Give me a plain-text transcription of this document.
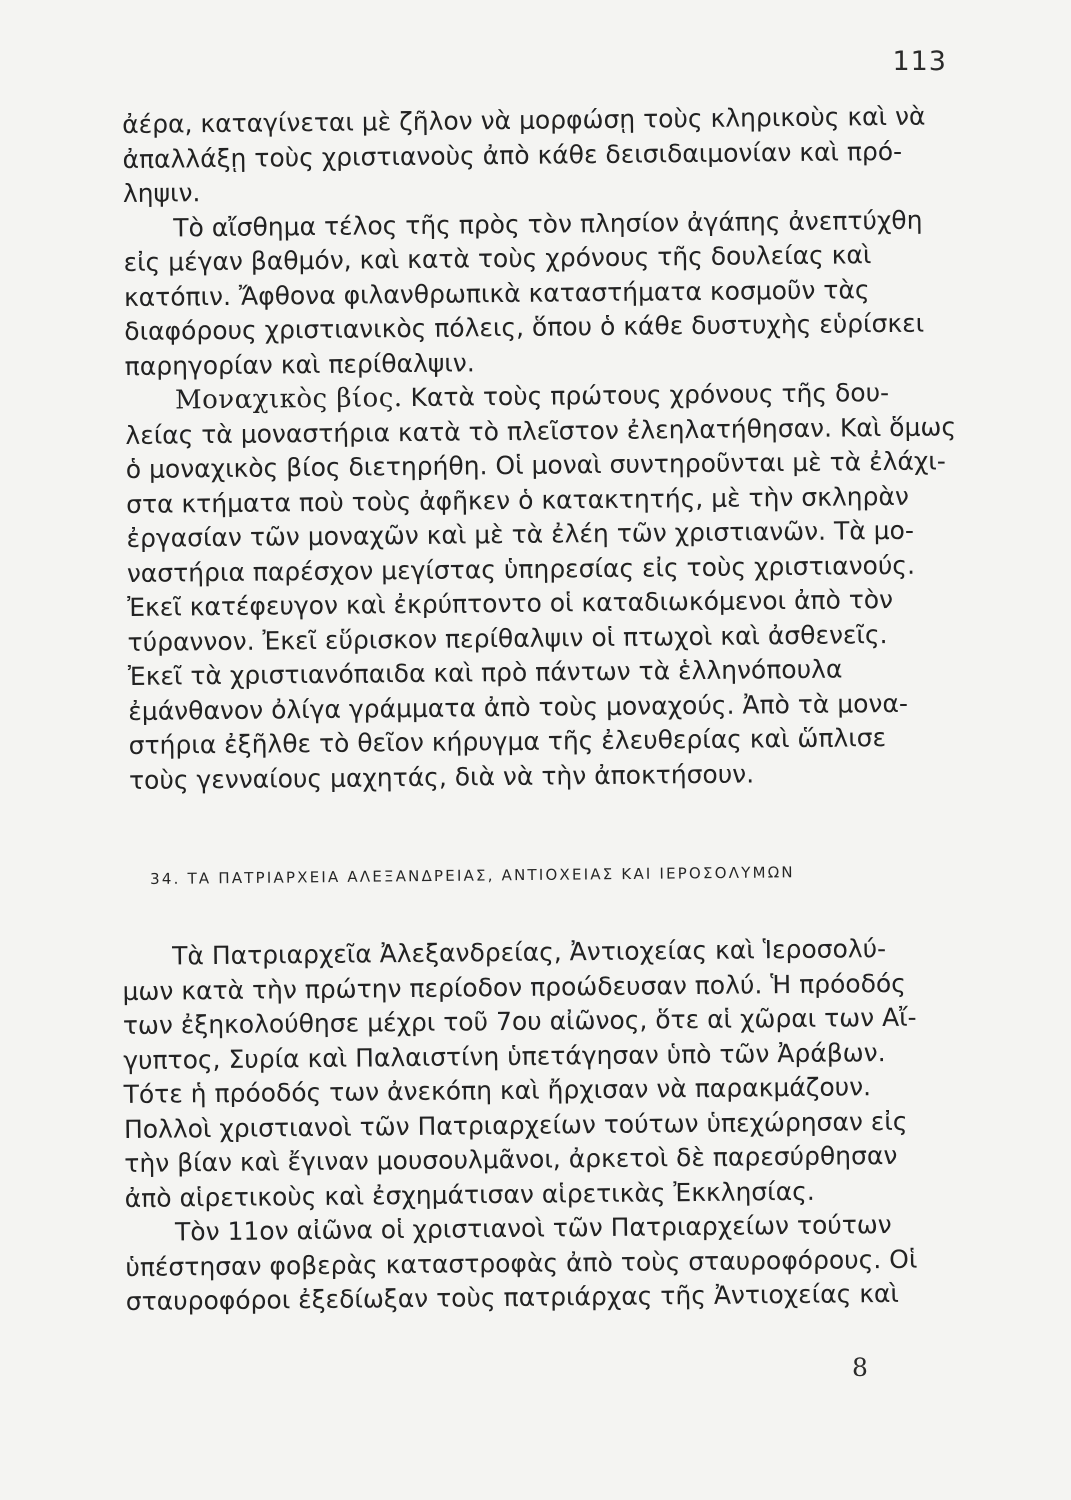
113
ἀέρα, καταγίνεται μὲ ζῆλον νὰ μορφώσῃ τοὺς κληρικοὺς καὶ νὰ
ἀπαλλάξῃ τοὺς χριστιανοὺς ἀπὸ κάθε δεισιδαιμονίαν καὶ πρό-
ληψιν.
Τὸ αἴσθημα τέλος τῆς πρὸς τὸν πλησίον ἀγάπης ἀνεπτύχθη
εἰς μέγαν βαθμόν, καὶ κατὰ τοὺς χρόνους τῆς δουλείας καὶ
κατόπιν. Ἄφθονα φιλανθρωπικὰ καταστήματα κοσμοῦν τὰς
διαφόρους χριστιανικὸς πόλεις, ὅπου ὁ κάθε δυστυχὴς εὑρίσκει
παρηγορίαν καὶ περίθαλψιν.
Μοναχικὸς βίος. Κατὰ τοὺς πρώτους χρόνους τῆς δου-
λείας τὰ μοναστήρια κατὰ τὸ πλεῖστον ἐλεηλατήθησαν. Καὶ ὅμως
ὁ μοναχικὸς βίος διετηρήθη. Οἱ μοναὶ συντηροῦνται μὲ τὰ ἐλάχι-
στα κτήματα ποὺ τοὺς ἀφῆκεν ὁ κατακτητής, μὲ τὴν σκληρὰν
ἐργασίαν τῶν μοναχῶν καὶ μὲ τὰ ἐλέη τῶν χριστιανῶν. Τὰ μο-
ναστήρια παρέσχον μεγίστας ὑπηρεσίας εἰς τοὺς χριστιανούς.
Ἐκεῖ κατέφευγον καὶ ἐκρύπτοντο οἱ καταδιωκόμενοι ἀπὸ τὸν
τύραννον. Ἐκεῖ εὕρισκον περίθαλψιν οἱ πτωχοὶ καὶ ἀσθενεῖς.
Ἐκεῖ τὰ χριστιανόπαιδα καὶ πρὸ πάντων τὰ ἑλληνόπουλα
ἐμάνθανον ὀλίγα γράμματα ἀπὸ τοὺς μοναχούς. Ἀπὸ τὰ μονα-
στήρια ἐξῆλθε τὸ θεῖον κήρυγμα τῆς ἐλευθερίας καὶ ὥπλισε
τοὺς γενναίους μαχητάς, διὰ νὰ τὴν ἀποκτήσουν.
34. ΤΑ ΠΑΤΡΙΑΡΧΕΙΑ ΑΛΕΞΑΝΔΡΕΙΑΣ, ΑΝΤΙΟΧΕΙΑΣ ΚΑΙ ΙΕΡΟΣΟΛΥΜΩΝ
Τὰ Πατριαρχεῖα Ἀλεξανδρείας, Ἀντιοχείας καὶ Ἱεροσολύ-
μων κατὰ τὴν πρώτην περίοδον προώδευσαν πολύ. Ἡ πρόοδός
των ἐξηκολούθησε μέχρι τοῦ 7ου αἰῶνος, ὅτε αἱ χῶραι των Αἴ-
γυπτος, Συρία καὶ Παλαιστίνη ὑπετάγησαν ὑπὸ τῶν Ἀράβων.
Τότε ἡ πρόοδός των ἀνεκόπη καὶ ἤρχισαν νὰ παρακμάζουν.
Πολλοὶ χριστιανοὶ τῶν Πατριαρχείων τούτων ὑπεχώρησαν εἰς
τὴν βίαν καὶ ἔγιναν μουσουλμᾶνοι, ἀρκετοὶ δὲ παρεσύρθησαν
ἀπὸ αἱρετικοὺς καὶ ἐσχημάτισαν αἱρετικὰς Ἐκκλησίας.
Τὸν 11ον αἰῶνα οἱ χριστιανοὶ τῶν Πατριαρχείων τούτων
ὑπέστησαν φοβερὰς καταστροφὰς ἀπὸ τοὺς σταυροφόρους. Οἱ
σταυροφόροι ἐξεδίωξαν τοὺς πατριάρχας τῆς Ἀντιοχείας καὶ
8
